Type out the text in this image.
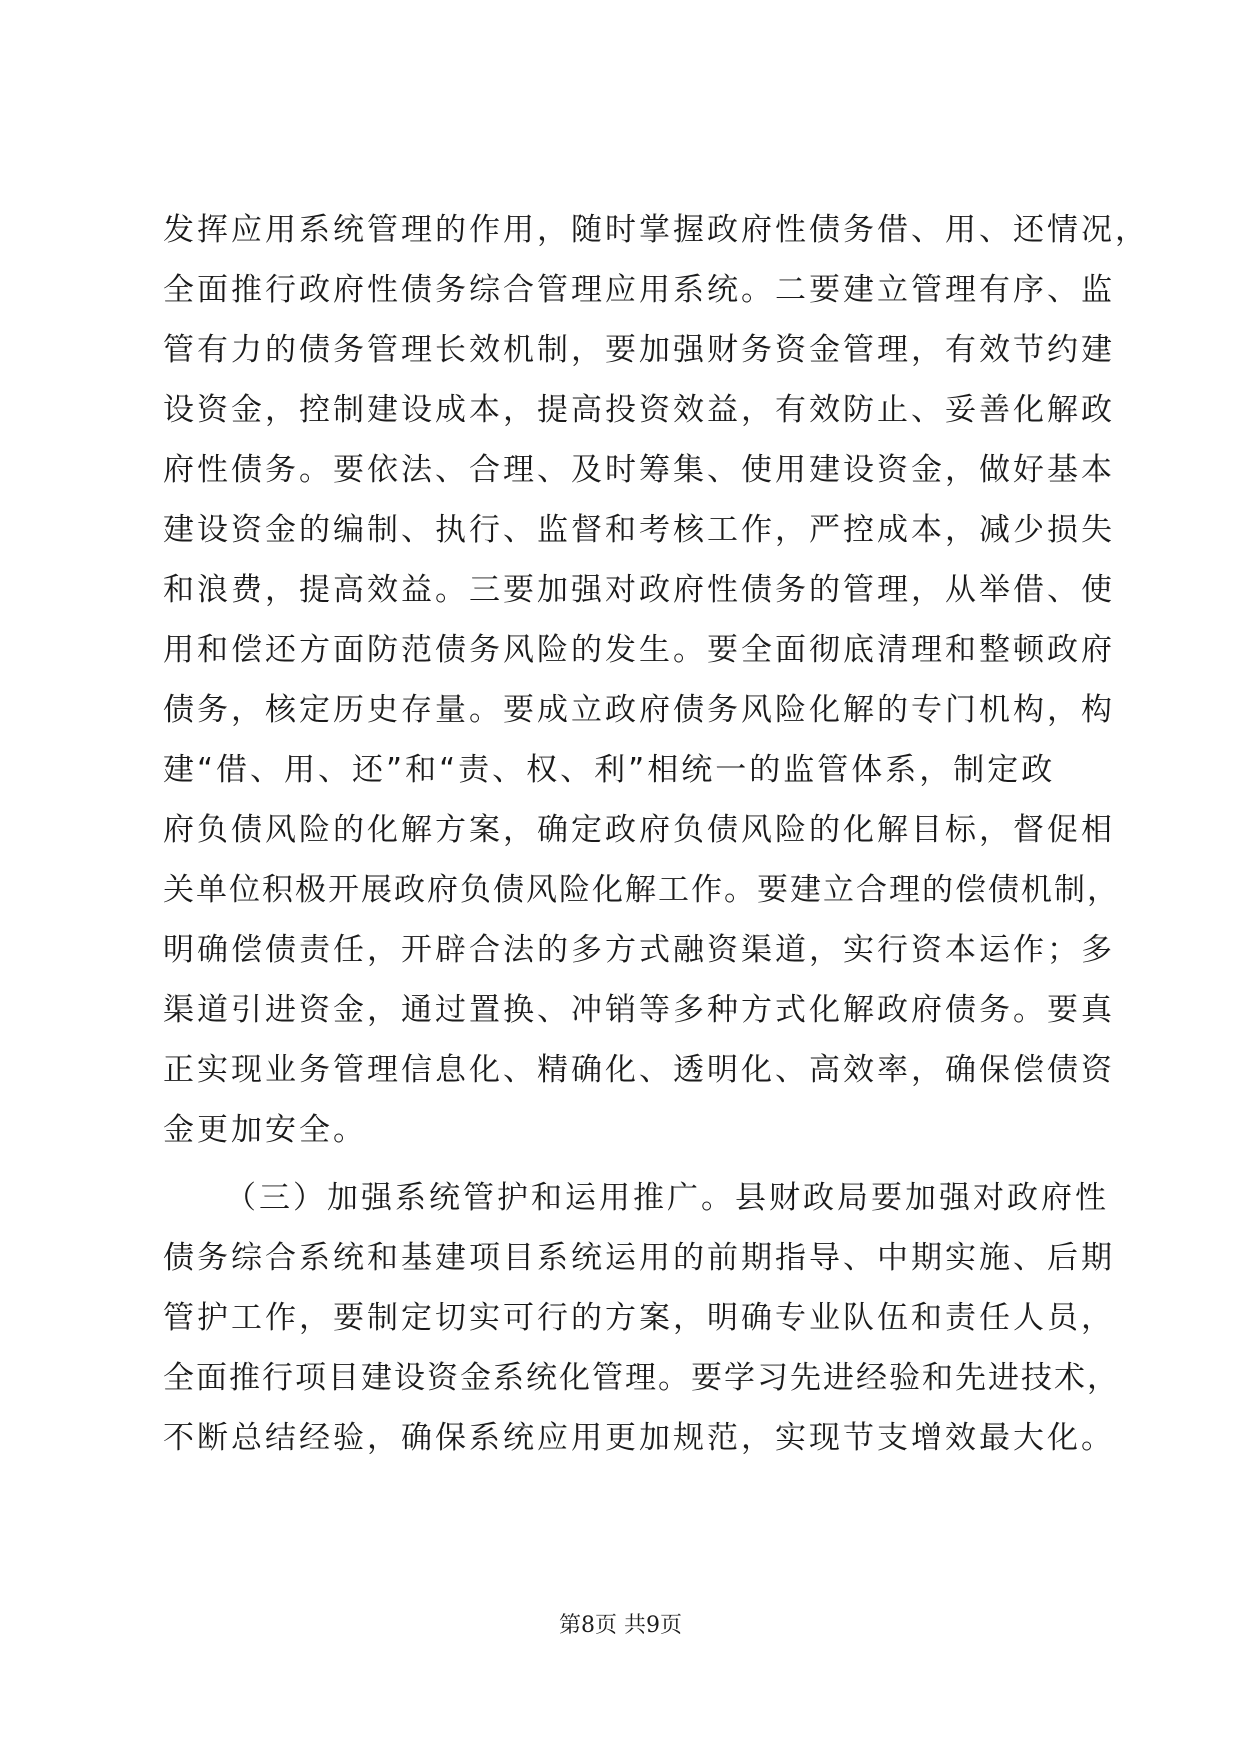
发挥应用系统管理的作用，随时掌握政府性债务借、用、还情况，
全面推行政府性债务综合管理应用系统。二要建立管理有序、监
管有力的债务管理长效机制，要加强财务资金管理，有效节约建
设资金，控制建设成本，提高投资效益，有效防止、妥善化解政
府性债务。要依法、合理、及时筹集、使用建设资金，做好基本
建设资金的编制、执行、监督和考核工作，严控成本，减少损失
和浪费，提高效益。三要加强对政府性债务的管理，从举借、使
用和偿还方面防范债务风险的发生。要全面彻底清理和整顿政府
债务，核定历史存量。要成立政府债务风险化解的专门机构，构
建“借、用、还”和“责、权、利”相统一的监管体系，制定政
府负债风险的化解方案，确定政府负债风险的化解目标，督促相
关单位积极开展政府负债风险化解工作。要建立合理的偿债机制，
明确偿债责任，开辟合法的多方式融资渠道，实行资本运作；多
渠道引进资金，通过置换、冲销等多种方式化解政府债务。要真
正实现业务管理信息化、精确化、透明化、高效率，确保偿债资
金更加安全。
（三）加强系统管护和运用推广。县财政局要加强对政府性
债务综合系统和基建项目系统运用的前期指导、中期实施、后期
管护工作，要制定切实可行的方案，明确专业队伍和责任人员，
全面推行项目建设资金系统化管理。要学习先进经验和先进技术，
不断总结经验，确保系统应用更加规范，实现节支增效最大化。
第8页 共9页
